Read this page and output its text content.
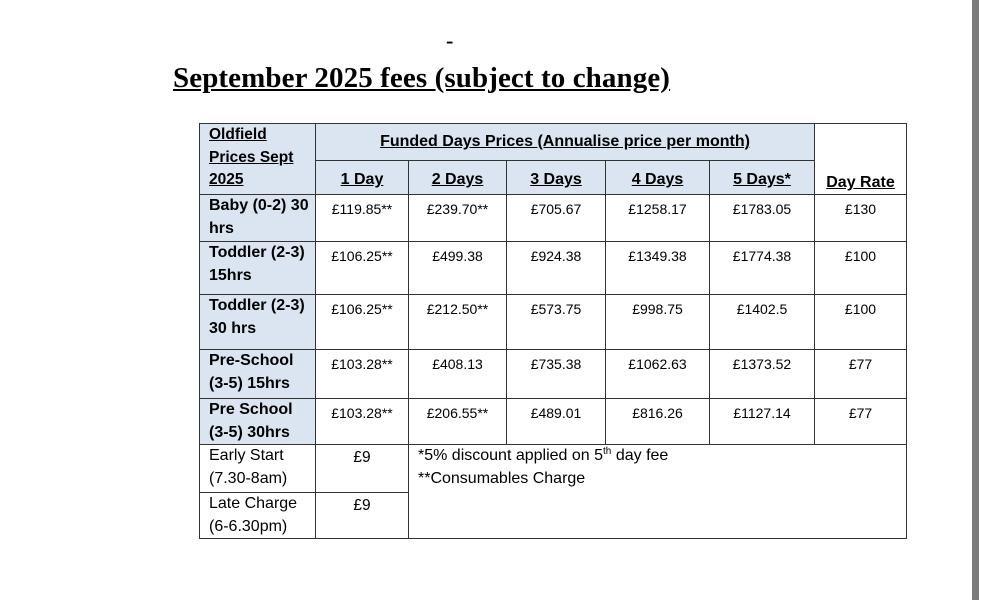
-
September 2025 fees (subject to change)
Oldfield Prices Sept 2025	Funded Days Prices (Annualise price per month)					Day Rate
	1 Day	2 Days	3 Days	4 Days	5 Days*	
Baby (0-2) 30 hrs	£119.85**	£239.70**	£705.67	£1258.17	£1783.05	£130
Toddler (2-3) 15hrs	£106.25**	£499.38	£924.38	£1349.38	£1774.38	£100
Toddler (2-3) 30 hrs	£106.25**	£212.50**	£573.75	£998.75	£1402.5	£100
Pre-School (3-5) 15hrs	£103.28**	£408.13	£735.38	£1062.63	£1373.52	£77
Pre School (3-5) 30hrs	£103.28**	£206.55**	£489.01	£816.26	£1127.14	£77
Early Start (7.30-8am)	£9	*5% discount applied on 5th day fee
**Consumables Charge				

Late Charge (6-6.30pm)	£9					
